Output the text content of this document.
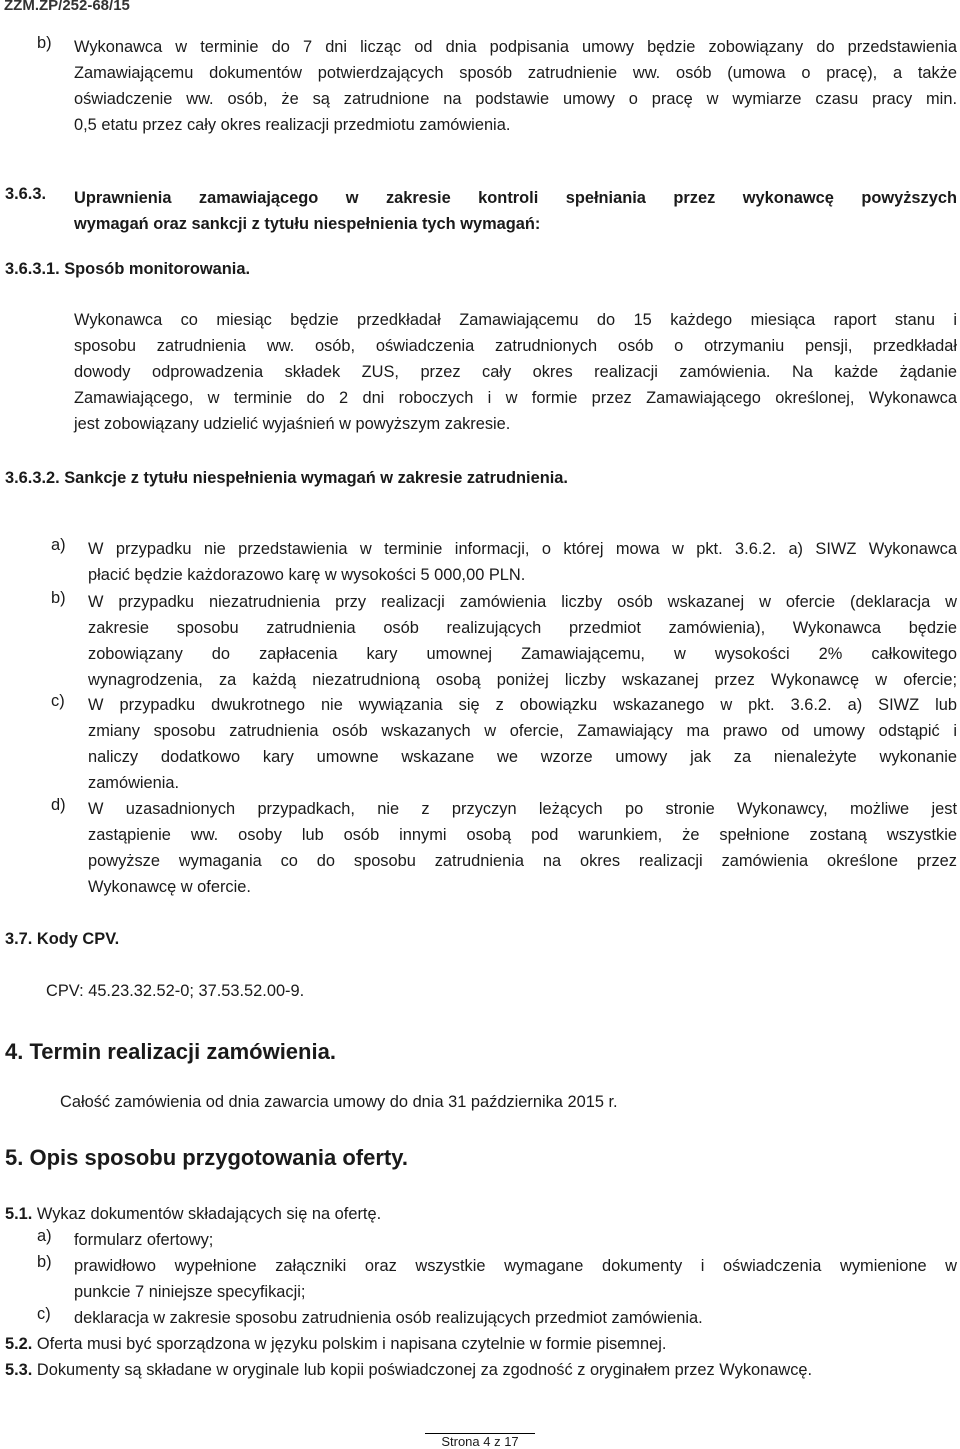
ZZM.ZP/252-68/15
b) Wykonawca w terminie do 7 dni licząc od dnia podpisania umowy będzie zobowiązany do przedstawienia
Zamawiającemu dokumentów potwierdzających sposób zatrudnienie ww. osób (umowa o pracę), a także
oświadczenie ww. osób, że są zatrudnione na podstawie umowy o pracę w wymiarze czasu pracy min.
0,5 etatu przez cały okres realizacji przedmiotu zamówienia.
3.6.3. Uprawnienia zamawiającego w zakresie kontroli spełniania przez wykonawcę powyższych
wymagań oraz sankcji z tytułu niespełnienia tych wymagań:
3.6.3.1. Sposób monitorowania.
Wykonawca co miesiąc będzie przedkładał Zamawiającemu do 15 każdego miesiąca raport stanu i
sposobu zatrudnienia ww. osób, oświadczenia zatrudnionych osób o otrzymaniu pensji, przedkładał
dowody odprowadzenia składek ZUS, przez cały okres realizacji zamówienia. Na każde żądanie
Zamawiającego, w terminie do 2 dni roboczych i w formie przez Zamawiającego określonej, Wykonawca
jest zobowiązany udzielić wyjaśnień w powyższym zakresie.
3.6.3.2. Sankcje z tytułu niespełnienia wymagań w zakresie zatrudnienia.
a) W przypadku nie przedstawienia w terminie informacji, o której mowa w pkt. 3.6.2. a) SIWZ Wykonawca
płacić będzie każdorazowo karę w wysokości 5 000,00 PLN.
b) W przypadku niezatrudnienia przy realizacji zamówienia liczby osób wskazanej w ofercie (deklaracja w
zakresie sposobu zatrudnienia osób realizujących przedmiot zamówienia), Wykonawca będzie
zobowiązany do zapłacenia kary umownej Zamawiającemu, w wysokości 2% całkowitego
wynagrodzenia, za każdą niezatrudnioną osobą poniżej liczby wskazanej przez Wykonawcę w ofercie;
c) W przypadku dwukrotnego nie wywiązania się z obowiązku wskazanego w pkt. 3.6.2. a) SIWZ lub
zmiany sposobu zatrudnienia osób wskazanych w ofercie, Zamawiający ma prawo od umowy odstąpić i
naliczy dodatkowo kary umowne wskazane we wzorze umowy jak za nienależyte wykonanie
zamówienia.
d) W uzasadnionych przypadkach, nie z przyczyn leżących po stronie Wykonawcy, możliwe jest
zastąpienie ww. osoby lub osób innymi osobą pod warunkiem, że spełnione zostaną wszystkie
powyższe wymagania co do sposobu zatrudnienia na okres realizacji zamówienia określone przez
Wykonawcę w ofercie.
3.7. Kody CPV.
CPV: 45.23.32.52-0; 37.53.52.00-9.
4. Termin realizacji zamówienia.
Całość zamówienia od dnia zawarcia umowy do dnia 31 października 2015 r.
5. Opis sposobu przygotowania oferty.
5.1. Wykaz dokumentów składających się na ofertę.
a) formularz ofertowy;
b) prawidłowo wypełnione załączniki oraz wszystkie wymagane dokumenty i oświadczenia wymienione w
punkcie 7 niniejsze specyfikacji;
c) deklaracja w zakresie sposobu zatrudnienia osób realizujących przedmiot zamówienia.
5.2. Oferta musi być sporządzona w języku polskim i napisana czytelnie w formie pisemnej.
5.3. Dokumenty są składane w oryginale lub kopii poświadczonej za zgodność z oryginałem przez Wykonawcę.
Strona 4 z 17
